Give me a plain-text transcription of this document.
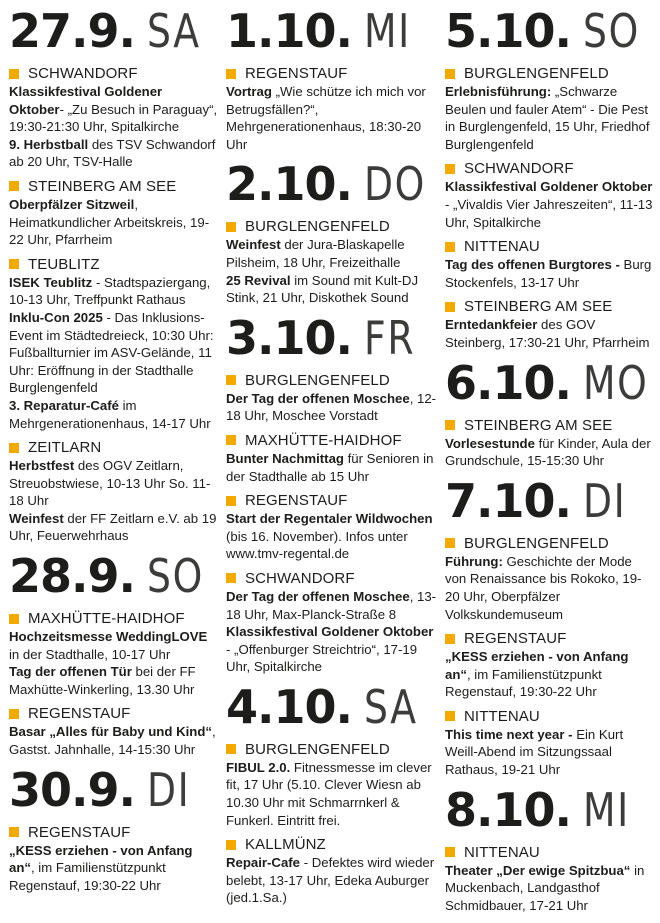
27.9. SA
SCHWANDORF

Klassikfestival Goldener Oktober- „Zu Besuch in Paraguay“, 19:30-21:30 Uhr, Spitalkirche

9. Herbstball des TSV Schwandorf ab 20 Uhr, TSV-Halle

STEINBERG AM SEE

Oberpfälzer Sitzweil, Heimatkundlicher Arbeitskreis, 19-22 Uhr, Pfarrheim

TEUBLITZ

ISEK Teublitz - Stadtspaziergang, 10-13 Uhr, Treffpunkt Rathaus

Inklu-Con 2025 - Das Inklusions-Event im Städtedreieck, 10:30 Uhr: Fußballturnier im ASV-Gelände, 11 Uhr: Eröffnung in der Stadthalle Burglengenfeld

3. Reparatur-Café im Mehrgenerationenhaus, 14-17 Uhr

ZEITLARN

Herbstfest des OGV Zeitlarn, Streuobstwiese, 10-13 Uhr So. 11-18 Uhr

Weinfest der FF Zeitlarn e.V. ab 19 Uhr, Feuerwehrhaus

28.9. SO
MAXHÜTTE-HAIDHOF

Hochzeitsmesse WeddingLOVE in der Stadthalle, 10-17 Uhr

Tag der offenen Tür bei der FF Maxhütte-Winkerling, 13.30 Uhr

REGENSTAUF

Basar „Alles für Baby und Kind“, Gastst. Jahnhalle, 14-15:30 Uhr

30.9. DI
REGENSTAUF

„KESS erziehen - von Anfang an“, im Familienstützpunkt Regenstauf, 19:30-22 Uhr

1.10. MI
REGENSTAUF

Vortrag „Wie schütze ich mich vor Betrugsfällen?“, Mehrgenerationenhaus, 18:30-20 Uhr

2.10. DO
BURGLENGENFELD

Weinfest der Jura-Blaskapelle Pilsheim, 18 Uhr, Freizeithalle

25 Revival im Sound mit Kult-DJ Stink, 21 Uhr, Diskothek Sound

3.10. FR
BURGLENGENFELD

Der Tag der offenen Moschee, 12-18 Uhr, Moschee Vorstadt

MAXHÜTTE-HAIDHOF

Bunter Nachmittag für Senioren in der Stadthalle ab 15 Uhr

REGENSTAUF

Start der Regentaler Wildwochen (bis 16. November). Infos unter www.tmv-regental.de

SCHWANDORF

Der Tag der offenen Moschee, 13-18 Uhr, Max-Planck-Straße 8

Klassikfestival Goldener Oktober - „Offenburger Streichtrio“, 17-19 Uhr, Spitalkirche

4.10. SA
BURGLENGENFELD

FIBUL 2.0. Fitnessmesse im clever fit, 17 Uhr (5.10. Clever Wiesn ab 10.30 Uhr mit Schmarrnkerl & Funkerl. Eintritt frei.

KALLMÜNZ

Repair-Cafe - Defektes wird wieder belebt, 13-17 Uhr, Edeka Auburger (jed.1.Sa.)

5.10. SO
BURGLENGENFELD

Erlebnisführung: „Schwarze Beulen und fauler Atem“ - Die Pest in Burglengenfeld, 15 Uhr, Friedhof Burglengenfeld

SCHWANDORF

Klassikfestival Goldener Oktober - „Vivaldis Vier Jahreszeiten“, 11-13 Uhr, Spitalkirche

NITTENAU

Tag des offenen Burgtores - Burg Stockenfels, 13-17 Uhr

STEINBERG AM SEE

Erntedankfeier des GOV Steinberg, 17:30-21 Uhr, Pfarrheim

6.10. MO
STEINBERG AM SEE

Vorlesestunde für Kinder, Aula der Grundschule, 15-15:30 Uhr

7.10. DI
BURGLENGENFELD

Führung: Geschichte der Mode von Renaissance bis Rokoko, 19-20 Uhr, Oberpfälzer Volkskundemuseum

REGENSTAUF

„KESS erziehen - von Anfang an“, im Familienstützpunkt Regenstauf, 19:30-22 Uhr

NITTENAU

This time next year - Ein Kurt Weill-Abend im Sitzungssaal Rathaus, 19-21 Uhr

8.10. MI
NITTENAU

Theater „Der ewige Spitzbua“ in Muckenbach, Landgasthof Schmidbauer, 17-21 Uhr
